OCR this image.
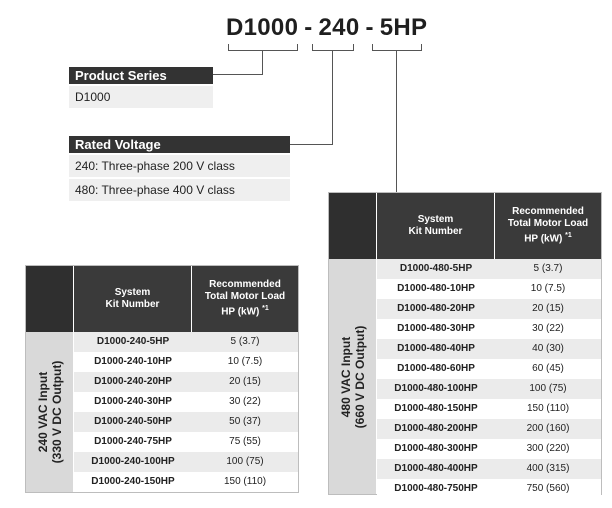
D1000 - 240 - 5HP
Product Series
D1000
Rated Voltage
240: Three-phase 200 V class
480: Three-phase 400 V class
240 VAC Input (330 V DC Output)
System
Kit Number
Recommended
Total Motor Load
HP (kW) $^{*1}$
D1000-240-5HP	5 (3.7)
D1000-240-10HP	10 (7.5)
D1000-240-20HP	20 (15)
D1000-240-30HP	30 (22)
D1000-240-50HP	50 (37)
D1000-240-75HP	75 (55)
D1000-240-100HP	100 (75)
D1000-240-150HP	150 (110)
480 VAC Input (660 V DC Output)
System
Kit Number
Recommended
Total Motor Load
HP (kW) $^{*1}$
D1000-480-5HP	5 (3.7)
D1000-480-10HP	10 (7.5)
D1000-480-20HP	20 (15)
D1000-480-30HP	30 (22)
D1000-480-40HP	40 (30)
D1000-480-60HP	60 (45)
D1000-480-100HP	100 (75)
D1000-480-150HP	150 (110)
D1000-480-200HP	200 (160)
D1000-480-300HP	300 (220)
D1000-480-400HP	400 (315)
D1000-480-750HP	750 (560)
